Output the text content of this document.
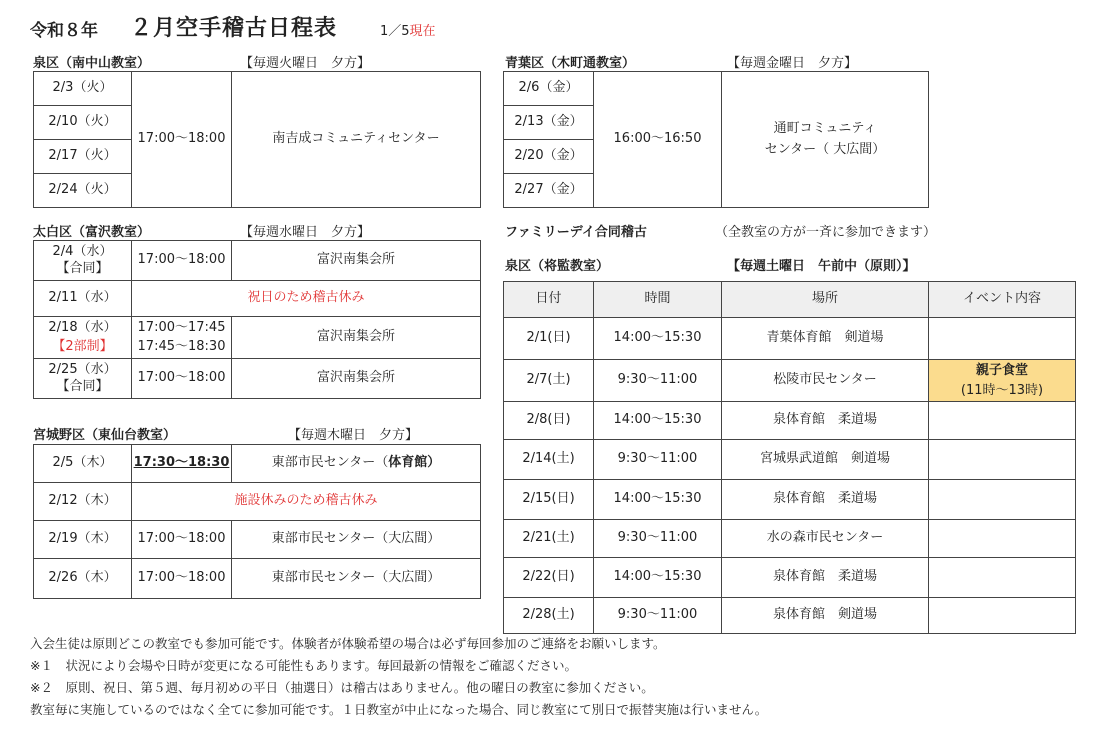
令和８年 ２月空手稽古日程表	1／5現在
泉区（南中山教室）	【毎週火曜日　夕方】
2/3（火）	17:00～18:00	南吉成コミュニティセンター
2/10（火）
2/17（火）
2/24（火）
青葉区（木町通教室）	【毎週金曜日　夕方】
2/6（金）	16:00～16:50	通町コミュニティ
センター（ 大広間）
2/13（金）
2/20（金）
2/27（金）
太白区（富沢教室）	【毎週水曜日　夕方】
2/4（水）
【合同】	17:00～18:00	富沢南集会所
2/11（水）	祝日のため稽古休み	
2/18（水）
【2部制】	17:00～17:45
17:45～18:30	富沢南集会所
2/25（水）
【合同】	17:00～18:00	富沢南集会所
宮城野区（東仙台教室）	【毎週木曜日　夕方】
2/5（木）	17:30～18:30	東部市民センター（体育館）
2/12（木）	施設休みのため稽古休み	
2/19（木）	17:00～18:00	東部市民センター（大広間）
2/26（木）	17:00～18:00	東部市民センター（大広間）
ファミリーデイ合同稽古	（全教室の方が一斉に参加できます）
泉区（将監教室）	【毎週土曜日　午前中（原則）】
日付	時間	場所	イベント内容
2/1(日)	14:00～15:30	青葉体育館　剣道場	
2/7(土)	9:30～11:00	松陵市民センター	親子食堂
(11時～13時)
2/8(日)	14:00～15:30	泉体育館　柔道場	
2/14(土)	9:30～11:00	宮城県武道館　剣道場	
2/15(日)	14:00～15:30	泉体育館　柔道場	
2/21(土)	9:30～11:00	水の森市民センター	
2/22(日)	14:00～15:30	泉体育館　柔道場	
2/28(土)	9:30～11:00	泉体育館　剣道場	
入会生徒は原則どこの教室でも参加可能です。体験者が体験希望の場合は必ず毎回参加のご連絡をお願いします。
※１　状況により会場や日時が変更になる可能性もあります。毎回最新の情報をご確認ください。
※２　原則、祝日、第５週、毎月初めの平日（抽選日）は稽古はありません。他の曜日の教室に参加ください。
教室毎に実施しているのではなく全てに参加可能です。１日教室が中止になった場合、同じ教室にて別日で振替実施は行いません。
